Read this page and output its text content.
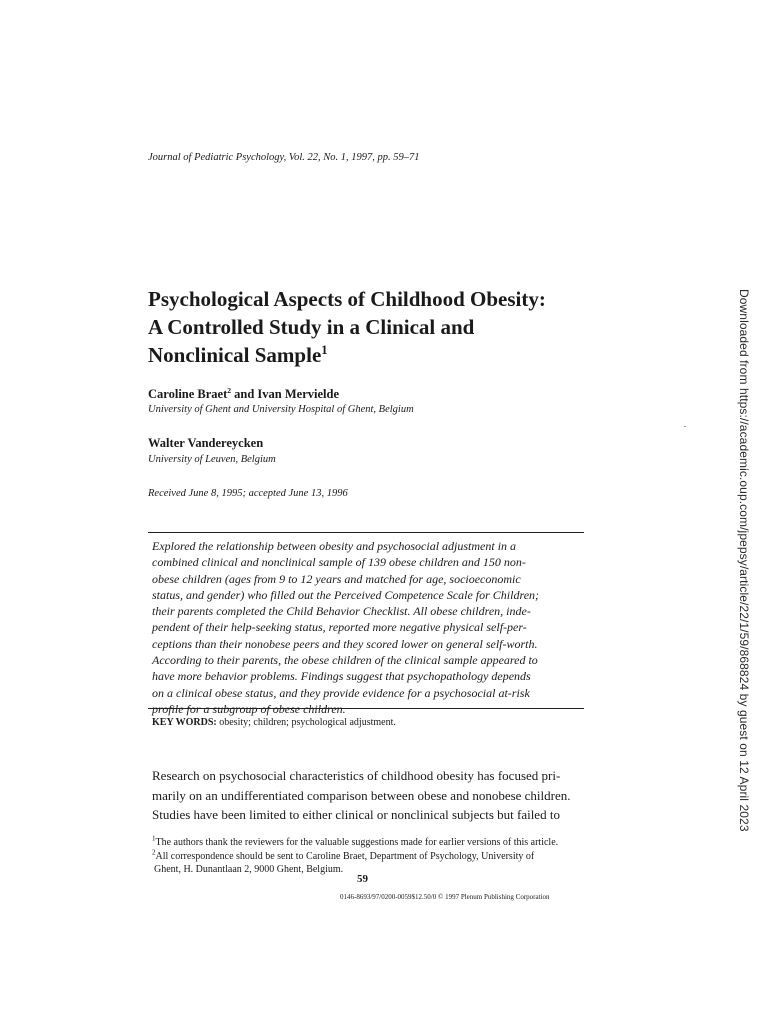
Journal of Pediatric Psychology, Vol. 22, No. 1, 1997, pp. 59–71
Psychological Aspects of Childhood Obesity:
A Controlled Study in a Clinical and
Nonclinical Sample$^1$
Caroline Braet$^2$ and Ivan Mervielde
University of Ghent and University Hospital of Ghent, Belgium
Walter Vandereycken
University of Leuven, Belgium
Received June 8, 1995; accepted June 13, 1996
Explored the relationship between obesity and psychosocial adjustment in a
combined clinical and nonclinical sample of 139 obese children and 150 non-
obese children (ages from 9 to 12 years and matched for age, socioeconomic
status, and gender) who filled out the Perceived Competence Scale for Children;
their parents completed the Child Behavior Checklist. All obese children, inde-
pendent of their help-seeking status, reported more negative physical self-per-
ceptions than their nonobese peers and they scored lower on general self-worth.
According to their parents, the obese children of the clinical sample appeared to
have more behavior problems. Findings suggest that psychopathology depends
on a clinical obese status, and they provide evidence for a psychosocial at-risk
KEY WORDS: obesity; children; psychological adjustment.
Research on psychosocial characteristics of childhood obesity has focused pri-
marily on an undifferentiated comparison between obese and nonobese children.
Studies have been limited to either clinical or nonclinical subjects but failed to
$^1$The authors thank the reviewers for the valuable suggestions made for earlier versions of this article.
$^2$All correspondence should be sent to Caroline Braet, Department of Psychology, University of
Ghent, H. Dunantlaan 2, 9000 Ghent, Belgium.
59
0146-8693/97/0200-0059$12.50/0 © 1997 Plenum Publishing Corporation
Downloaded from https://academic.oup.com/jpepsy/article/22/1/59/868824 by guest on 12 April 2023
